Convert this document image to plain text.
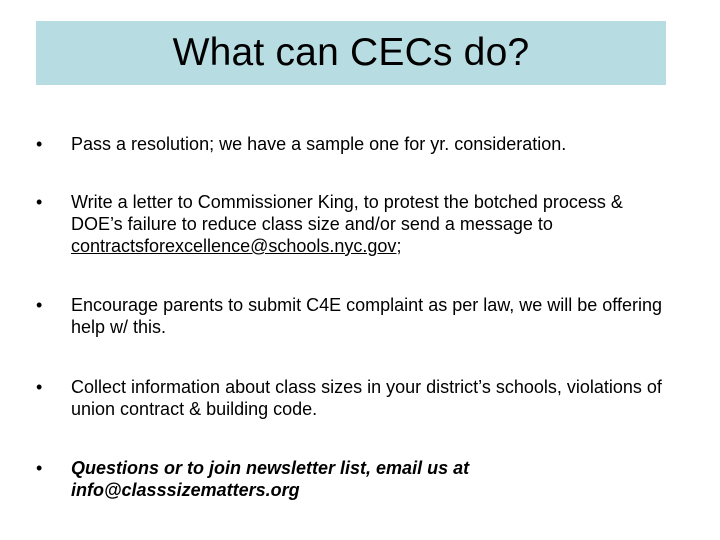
What can CECs do?
•	Pass a resolution; we have a sample one for yr. consideration.
•	Write a letter to Commissioner King, to protest the botched process & DOE’s failure to reduce class size and/or send a message to contractsforexcellence@schools.nyc.gov;
•	Encourage parents to submit C4E complaint as per law, we will be offering help w/ this.
•	Collect information about class sizes in your district’s schools, violations of union contract & building code.
•	Questions or to join newsletter list, email us at info@classsizematters.org
